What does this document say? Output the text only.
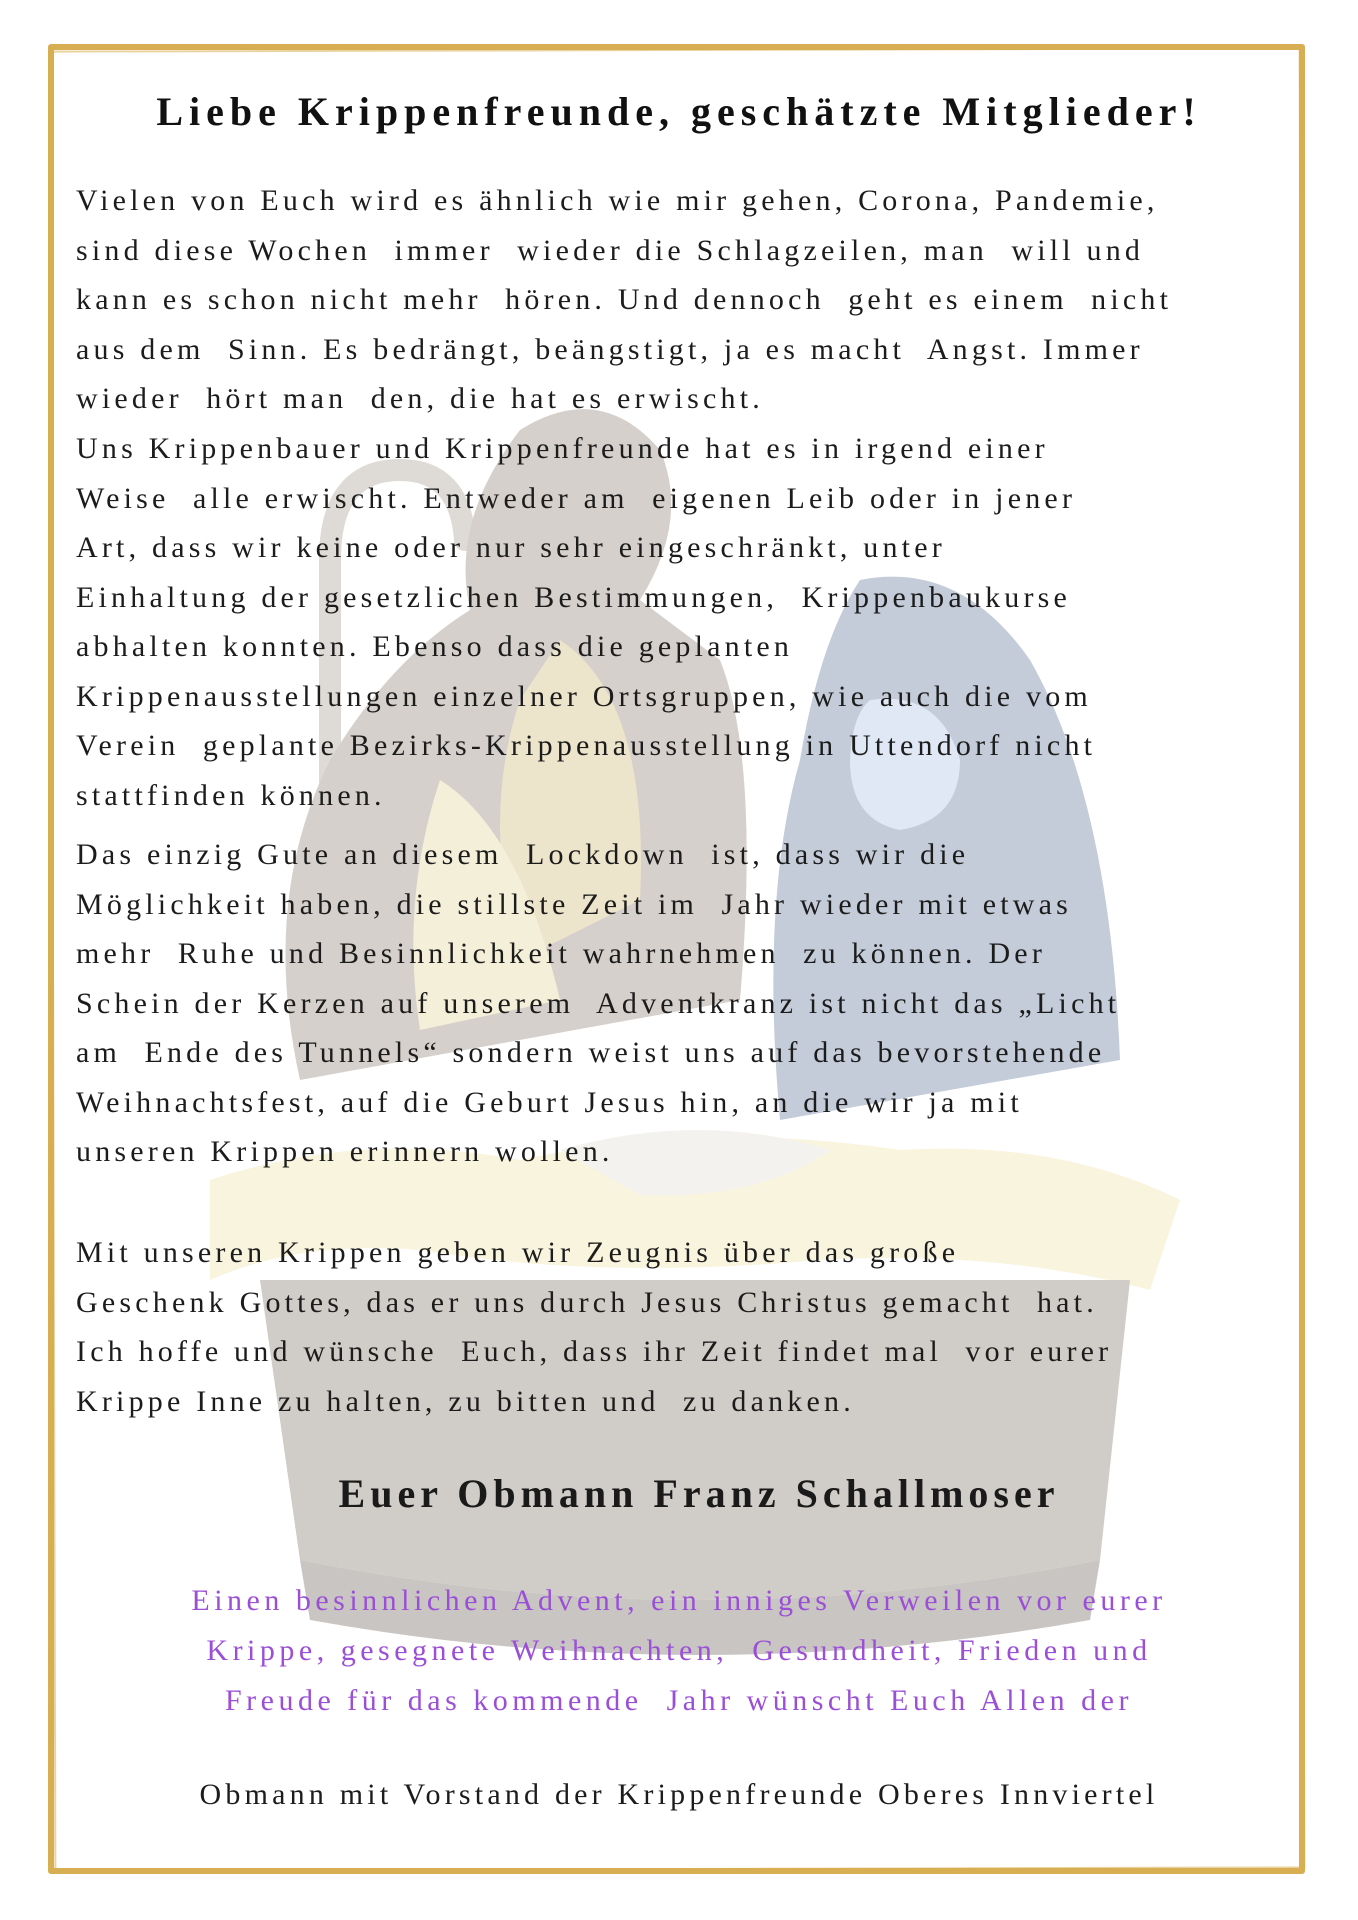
Liebe Krippenfreunde, geschätzte Mitglieder!
Vielen von Euch wird es ähnlich wie mir gehen, Corona, Pandemie,
sind diese Wochen  immer  wieder die Schlagzeilen, man  will und
kann es schon nicht mehr  hören. Und dennoch  geht es einem  nicht
aus dem  Sinn. Es bedrängt, beängstigt, ja es macht  Angst. Immer
wieder  hört man  den, die hat es erwischt.
Uns Krippenbauer und Krippenfreunde hat es in irgend einer
Weise  alle erwischt. Entweder am  eigenen Leib oder in jener
Art, dass wir keine oder nur sehr eingeschränkt, unter
Einhaltung der gesetzlichen Bestimmungen,  Krippenbaukurse
abhalten konnten. Ebenso dass die geplanten
Krippenausstellungen einzelner Ortsgruppen, wie auch die vom
Verein  geplante Bezirks-Krippenausstellung in Uttendorf nicht
stattfinden können.
Das einzig Gute an diesem  Lockdown  ist, dass wir die
Möglichkeit haben, die stillste Zeit im  Jahr wieder mit etwas
mehr  Ruhe und Besinnlichkeit wahrnehmen  zu können. Der
Schein der Kerzen auf unserem  Adventkranz ist nicht das „Licht
am  Ende des Tunnels“ sondern weist uns auf das bevorstehende
Weihnachtsfest, auf die Geburt Jesus hin, an die wir ja mit
unseren Krippen erinnern wollen.
Mit unseren Krippen geben wir Zeugnis über das große
Geschenk Gottes, das er uns durch Jesus Christus gemacht  hat.
Ich hoffe und wünsche  Euch, dass ihr Zeit findet mal  vor eurer
Krippe Inne zu halten, zu bitten und  zu danken.
Euer Obmann Franz Schallmoser
Einen besinnlichen Advent, ein inniges Verweilen vor eurer
Krippe, gesegnete Weihnachten,  Gesundheit, Frieden und
Freude für das kommende  Jahr wünscht Euch Allen der
Obmann mit Vorstand der Krippenfreunde Oberes Innviertel
